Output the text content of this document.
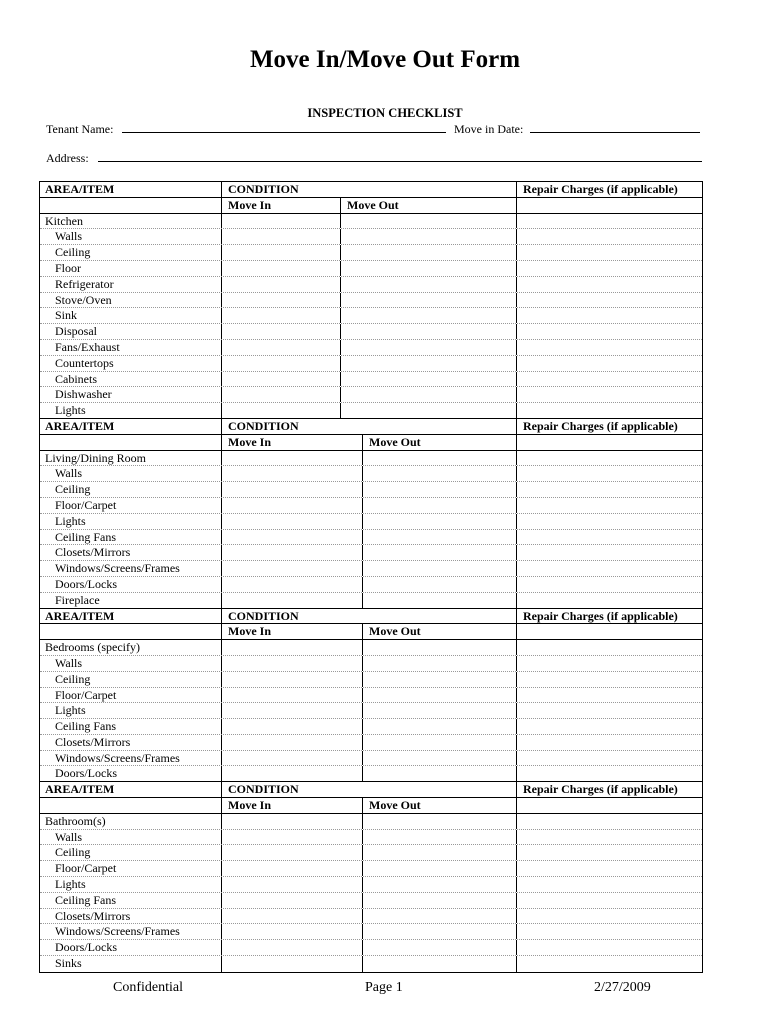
Move In/Move Out Form
INSPECTION CHECKLIST
Tenant Name:	Move in Date:
Address:
AREA/ITEM	CONDITION	Repair Charges (if applicable)
Move In	Move Out
Kitchen
Walls
Ceiling
Floor
Refrigerator
Stove/Oven
Sink
Disposal
Fans/Exhaust
Countertops
Cabinets
Dishwasher
Lights
AREA/ITEM	CONDITION	Repair Charges (if applicable)
Move In	Move Out
Living/Dining Room
Walls
Ceiling
Floor/Carpet
Lights
Ceiling Fans
Closets/Mirrors
Windows/Screens/Frames
Doors/Locks
Fireplace
AREA/ITEM	CONDITION	Repair Charges (if applicable)
Move In	Move Out
Bedrooms (specify)
Walls
Ceiling
Floor/Carpet
Lights
Ceiling Fans
Closets/Mirrors
Windows/Screens/Frames
Doors/Locks
AREA/ITEM	CONDITION	Repair Charges (if applicable)
Move In	Move Out
Bathroom(s)
Walls
Ceiling
Floor/Carpet
Lights
Ceiling Fans
Closets/Mirrors
Windows/Screens/Frames
Doors/Locks
Sinks
Confidential	Page 1	2/27/2009
